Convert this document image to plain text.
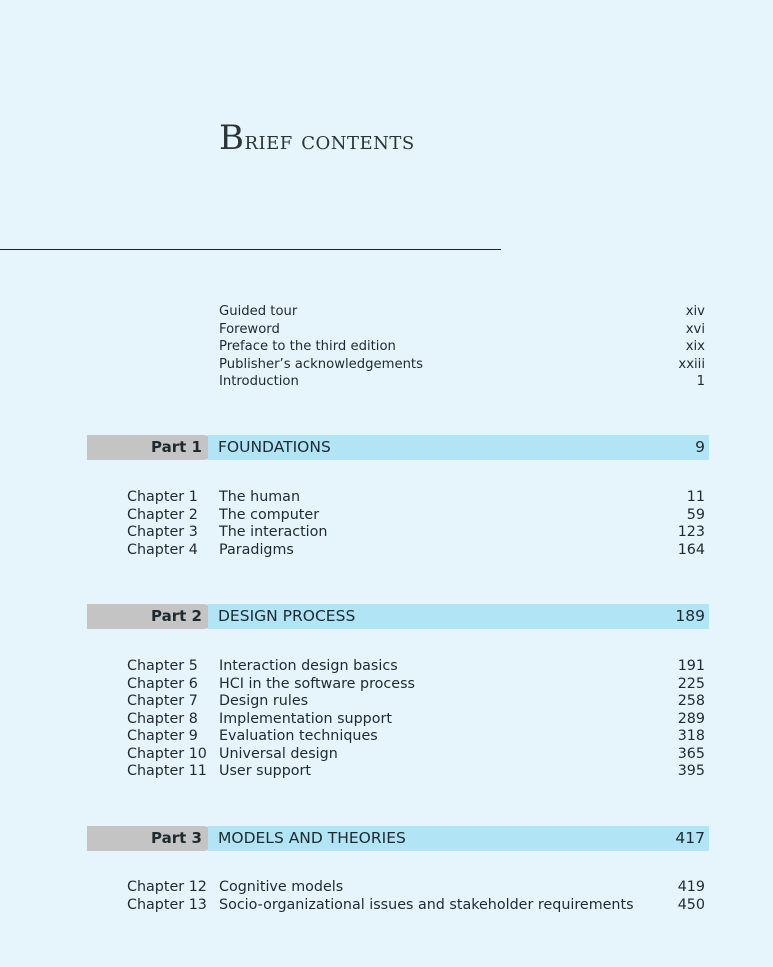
Brief contents
Guided tour	xiv
Foreword	xvi
Preface to the third edition	xix
Publisher’s acknowledgements	xxiii
Introduction	1
Part 1 FOUNDATIONS	9
Chapter 1 The human	11
Chapter 2 The computer	59
Chapter 3 The interaction	123
Chapter 4 Paradigms	164
Part 2 DESIGN PROCESS	189
Chapter 5 Interaction design basics	191
Chapter 6 HCI in the software process	225
Chapter 7 Design rules	258
Chapter 8 Implementation support	289
Chapter 9 Evaluation techniques	318
Chapter 10 Universal design	365
Chapter 11 User support	395
Part 3 MODELS AND THEORIES	417
Chapter 12 Cognitive models	419
Chapter 13 Socio-organizational issues and stakeholder requirements	450
